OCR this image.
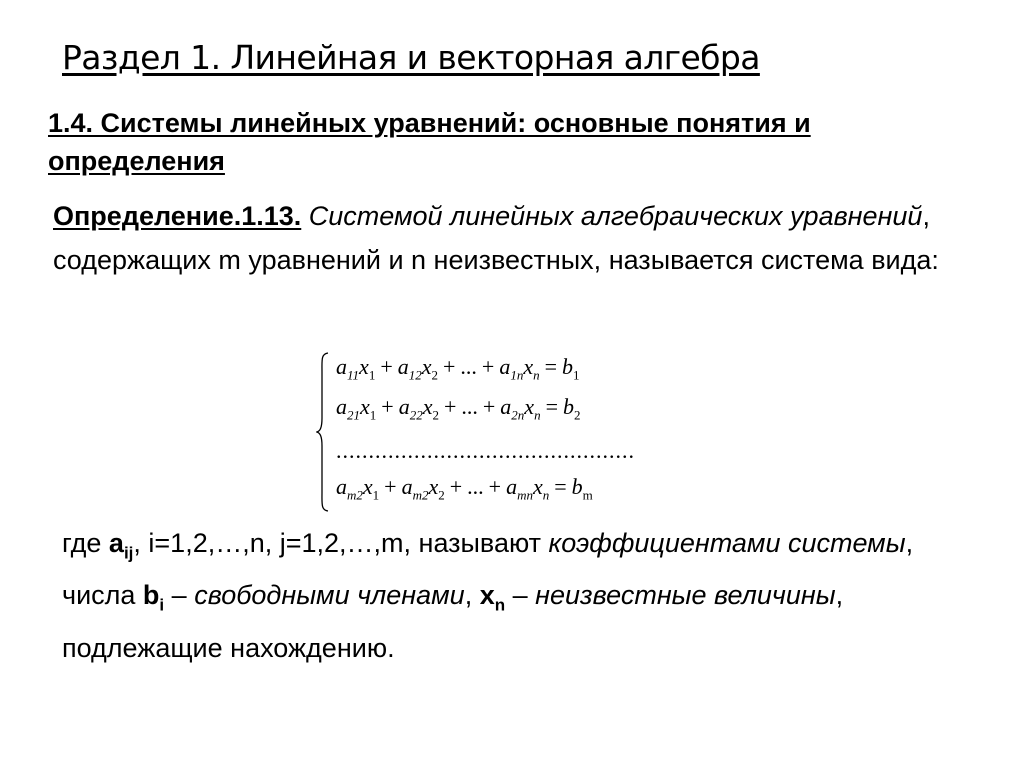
Раздел 1. Линейная и векторная алгебра
1.4. Системы линейных уравнений: основные понятия и определения
Определение.1.13. Системой линейных алгебраических уравнений, содержащих m уравнений и n неизвестных, называется система вида:
$a_{11}x_1 + a_{12}x_2$ + ... + $a_{1n}x_n = b_1$
$a_{21}x_1 + a_{22}x_2$ + ... + $a_{2n}x_n = b_2$
..............................................
$a_{m2}x_1 + a_{m2}x_2$ + ... + $a_{mn}x_n = b_m$
где $a_{ij}$, i=1,2,…,n, j=1,2,…,m, называют коэффициентами системы, числа $b_i$ – свободными членами, $x_n$ – неизвестные величины, подлежащие нахождению.
